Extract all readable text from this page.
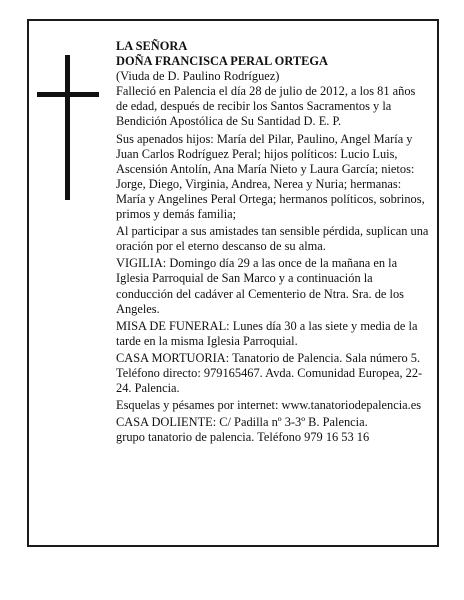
LA SEÑORA

DOÑA FRANCISCA PERAL ORTEGA

(Viuda de D. Paulino Rodríguez)

Falleció en Palencia el día 28 de julio de 2012, a los 81 años de edad, después de recibir los Santos Sacramentos y la Bendición Apostólica de Su Santidad D. E. P.

Sus apenados hijos: María del Pilar, Paulino, Angel María y Juan Carlos Rodríguez Peral; hijos políticos: Lucio Luis, Ascensión Antolín, Ana María Nieto y Laura García; nietos: Jorge, Diego, Virginia, Andrea, Nerea y Nuria; hermanas: María y Angelines Peral Ortega; hermanos políticos, sobrinos, primos y demás familia;

Al participar a sus amistades tan sensible pérdida, suplican una oración por el eterno descanso de su alma.

VIGILIA: Domingo día 29 a las once de la mañana en la Iglesia Parroquial de San Marco y a continuación la conducción del cadáver al Cementerio de Ntra. Sra. de los Angeles.

MISA DE FUNERAL: Lunes día 30 a las siete y media de la tarde en la misma Iglesia Parroquial.

CASA MORTUORIA: Tanatorio de Palencia. Sala número 5. Teléfono directo: 979165467. Avda. Comunidad Europea, 22-24. Palencia.

Esquelas y pésames por internet: www.tanatoriodepalencia.es

CASA DOLIENTE: C/ Padilla nº 3-3º B. Palencia.

grupo tanatorio de palencia. Teléfono 979 16 53 16
